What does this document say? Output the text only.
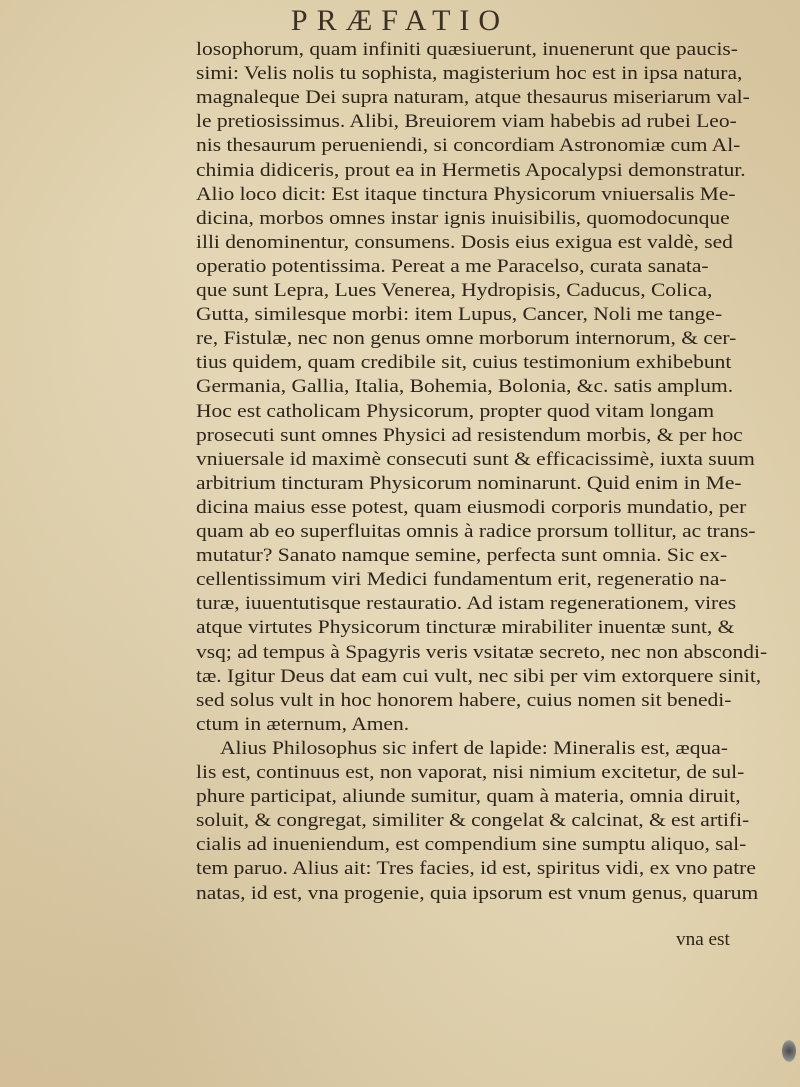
PRÆFATIO
losophorum, quam infiniti quæsiuerunt, inuenerunt que paucis-
simi: Velis nolis tu sophista, magisterium hoc est in ipsa natura,
magnaleque Dei supra naturam, atque thesaurus miseriarum val-
le pretiosissimus. Alibi, Breuiorem viam habebis ad rubei Leo-
nis thesaurum perueniendi, si concordiam Astronomiæ cum Al-
chimia didiceris, prout ea in Hermetis Apocalypsi demonstratur.
Alio loco dicit: Est itaque tinctura Physicorum vniuersalis Me-
dicina, morbos omnes instar ignis inuisibilis, quomodocunque
illi denominentur, consumens. Dosis eius exigua est valdè, sed
operatio potentissima. Pereat a me Paracelso, curata sanata-
que sunt Lepra, Lues Venerea, Hydropisis, Caducus, Colica,
Gutta, similesque morbi: item Lupus, Cancer, Noli me tange-
re, Fistulæ, nec non genus omne morborum internorum, & cer-
tius quidem, quam credibile sit, cuius testimonium exhibebunt
Germania, Gallia, Italia, Bohemia, Bolonia, &c. satis amplum.
Hoc est catholicam Physicorum, propter quod vitam longam
prosecuti sunt omnes Physici ad resistendum morbis, & per hoc
vniuersale id maximè consecuti sunt & efficacissimè, iuxta suum
arbitrium tincturam Physicorum nominarunt. Quid enim in Me-
dicina maius esse potest, quam eiusmodi corporis mundatio, per
quam ab eo superfluitas omnis à radice prorsum tollitur, ac trans-
mutatur? Sanato namque semine, perfecta sunt omnia. Sic ex-
cellentissimum viri Medici fundamentum erit, regeneratio na-
turæ, iuuentutisque restauratio. Ad istam regenerationem, vires
atque virtutes Physicorum tincturæ mirabiliter inuentæ sunt, &
vsq; ad tempus à Spagyris veris vsitatæ secreto, nec non abscondi-
tæ. Igitur Deus dat eam cui vult, nec sibi per vim extorquere sinit,
sed solus vult in hoc honorem habere, cuius nomen sit benedi-
ctum in æternum, Amen.
Alius Philosophus sic infert de lapide: Mineralis est, æqua-
lis est, continuus est, non vaporat, nisi nimium excitetur, de sul-
phure participat, aliunde sumitur, quam à materia, omnia diruit,
soluit, & congregat, similiter & congelat & calcinat, & est artifi-
cialis ad inueniendum, est compendium sine sumptu aliquo, sal-
tem paruo. Alius ait: Tres facies, id est, spiritus vidi, ex vno patre
natas, id est, vna progenie, quia ipsorum est vnum genus, quarum
vna est
